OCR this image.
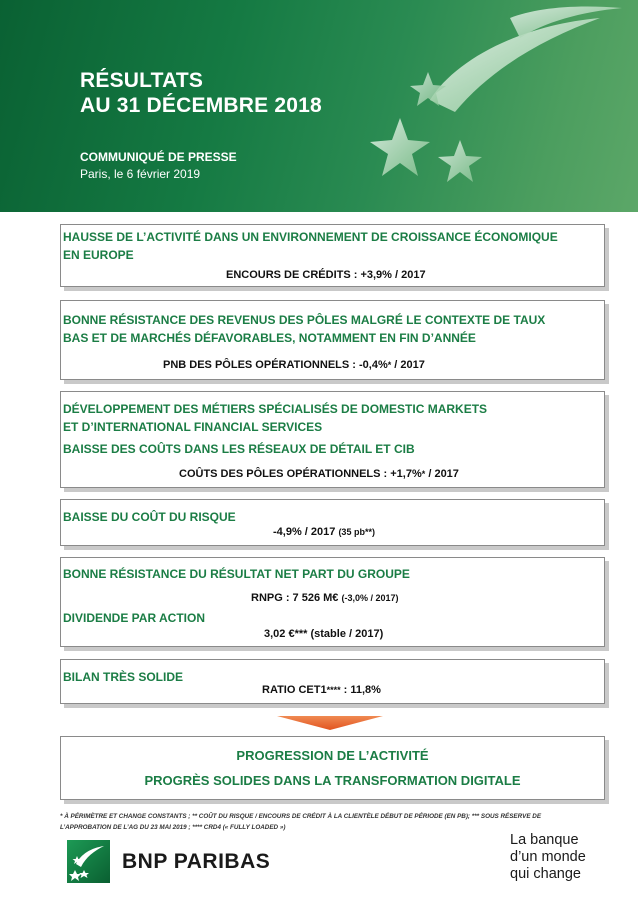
RÉSULTATS
AU 31 DÉCEMBRE 2018
COMMUNIQUÉ DE PRESSE
Paris, le 6 février 2019
HAUSSE DE L’ACTIVITÉ DANS UN ENVIRONNEMENT DE CROISSANCE ÉCONOMIQUE
EN EUROPE
ENCOURS DE CRÉDITS : +3,9% / 2017
BONNE RÉSISTANCE DES REVENUS DES PÔLES MALGRÉ LE CONTEXTE DE TAUX
BAS ET DE MARCHÉS DÉFAVORABLES, NOTAMMENT EN FIN D’ANNÉE
PNB DES PÔLES OPÉRATIONNELS : -0,4%* / 2017
DÉVELOPPEMENT DES MÉTIERS SPÉCIALISÉS DE DOMESTIC MARKETS
ET D’INTERNATIONAL FINANCIAL SERVICES
BAISSE DES COÛTS DANS LES RÉSEAUX DE DÉTAIL ET CIB
COÛTS DES PÔLES OPÉRATIONNELS : +1,7%* / 2017
BAISSE DU COÛT DU RISQUE
-4,9% / 2017 (35 pb**)
BONNE RÉSISTANCE DU RÉSULTAT NET PART DU GROUPE
RNPG : 7 526 M€ (-3,0% / 2017)
DIVIDENDE PAR ACTION
3,02 €*** (stable / 2017)
BILAN TRÈS SOLIDE
RATIO CET1**** : 11,8%
PROGRESSION DE L’ACTIVITÉ
PROGRÈS SOLIDES DANS LA TRANSFORMATION DIGITALE
* À PÉRIMÈTRE ET CHANGE CONSTANTS ; ** COÛT DU RISQUE / ENCOURS DE CRÉDIT À LA CLIENTÈLE DÉBUT DE PÉRIODE (EN PB); *** SOUS RÉSERVE DE
L’APPROBATION DE L’AG DU 23 MAI 2019 ; **** CRD4 (« FULLY LOADED »)
BNP PARIBAS
La banque
d’un monde
qui change
